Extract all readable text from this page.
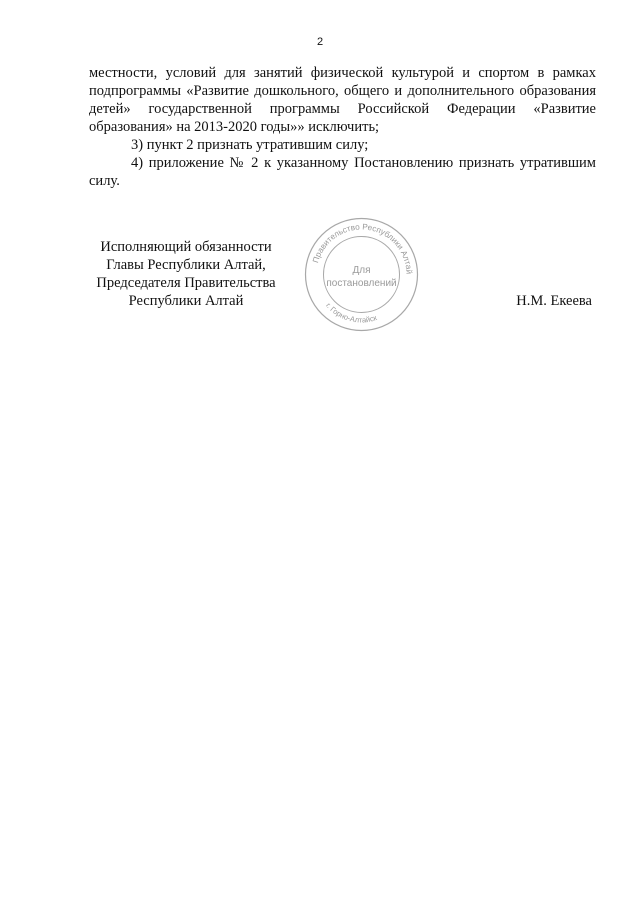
2

местности, условий для занятий физической культурой и спортом в рамках подпрограммы «Развитие дошкольного, общего и дополнительного образования детей» государственной программы Российской Федерации «Развитие образования» на 2013-2020 годы»» исключить;

3) пункт 2 признать утратившим силу;

4) приложение № 2 к указанному Постановлению признать утратившим силу.

Исполняющий обязанности
Главы Республики Алтай,
Председателя Правительства
Республики Алтай
Правительство Республики Алтай
г. Горно-Алтайск
Для
постановлений
Н.М. Екеева
